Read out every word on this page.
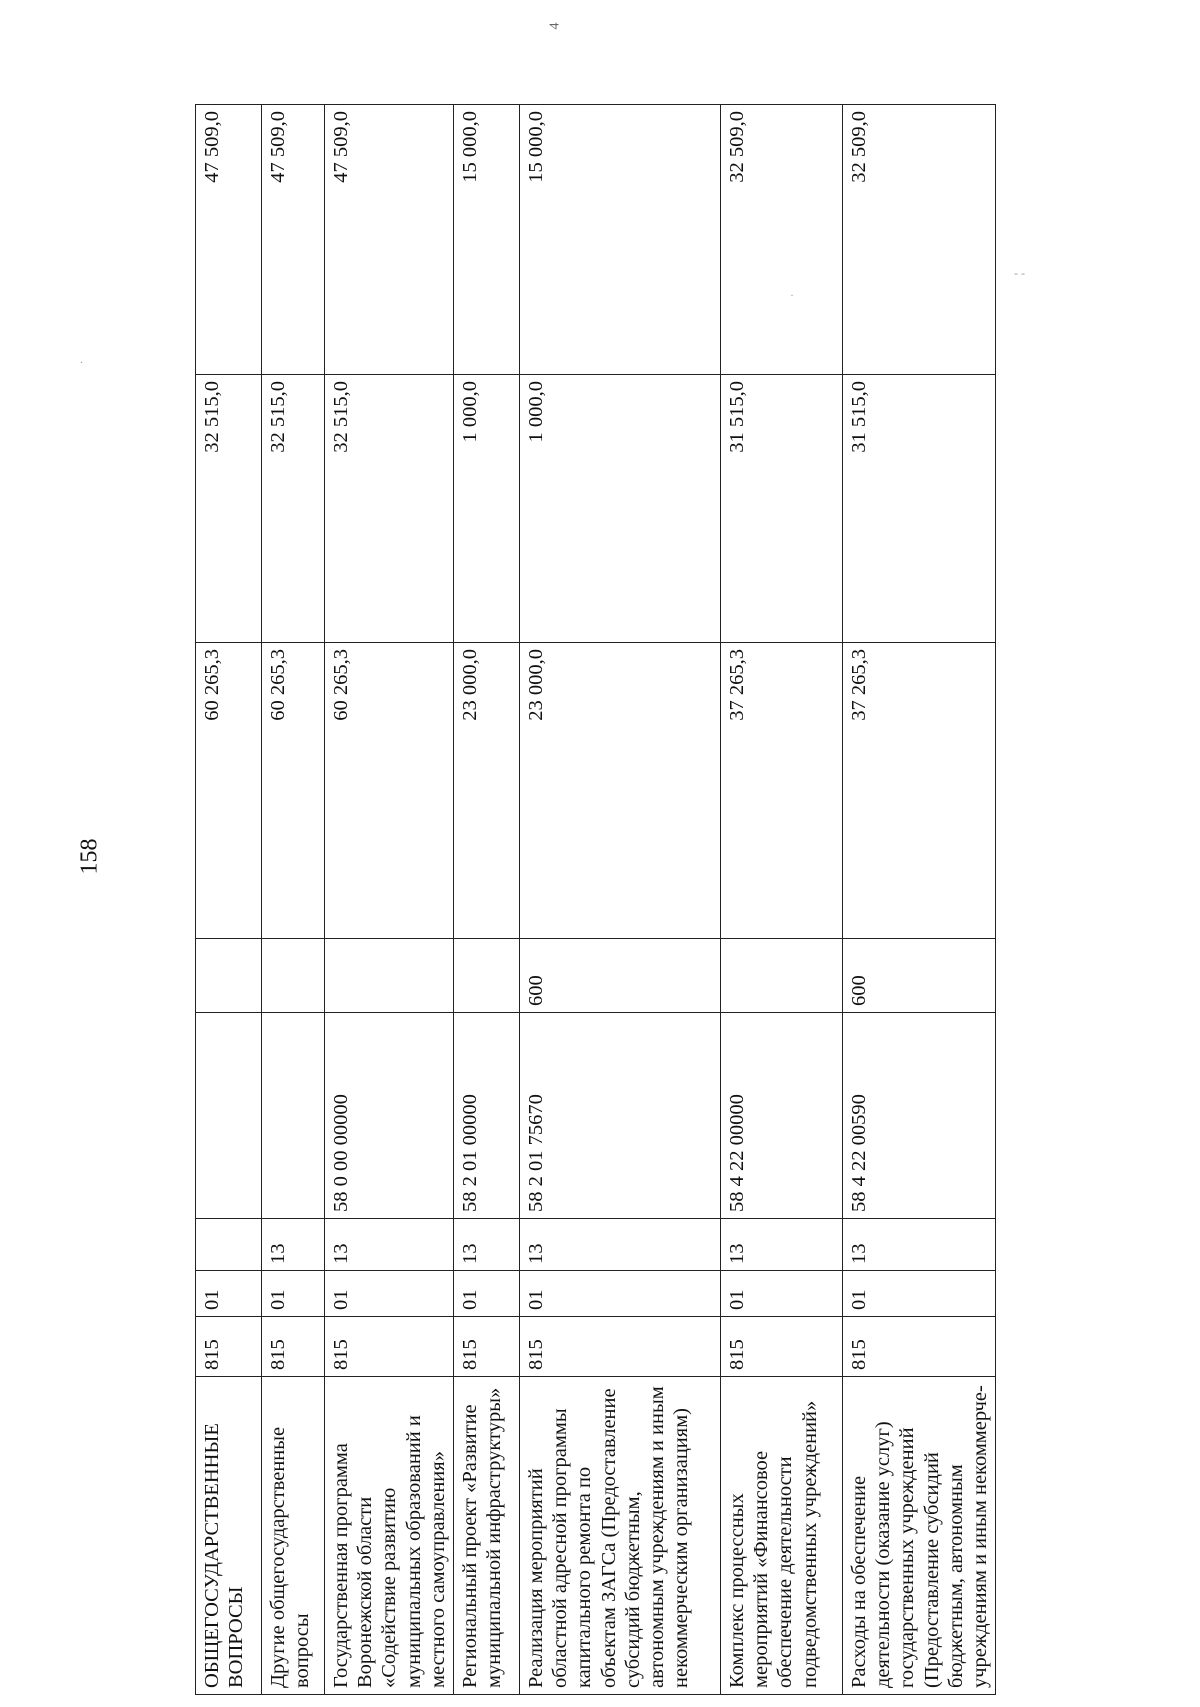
158
4
.
- -
·
ОБЩЕГОСУДАРСТВЕННЫЕ ВОПРОСЫ	815	01				60 265,3	32 515,0	47 509,0
Другие общегосударственные вопросы	815	01	13			60 265,3	32 515,0	47 509,0
Государственная программа Воронежской области «Содействие развитию муниципальных образований и местного самоуправления»	815	01	13	58 0 00 00000		60 265,3	32 515,0	47 509,0
Региональный проект «Развитие муниципальной инфраструктуры»	815	01	13	58 2 01 00000		23 000,0	1 000,0	15 000,0
Реализация мероприятий областной адресной программы капитального ремонта по объектам ЗАГСа (Предоставление субсидий бюджетным, автономным учреждениям и иным некоммерческим организациям)	815	01	13	58 2 01 75670	600	23 000,0	1 000,0	15 000,0
Комплекс процессных мероприятий «Финансовое обеспечение деятельности подведомственных учреждений»	815	01	13	58 4 22 00000		37 265,3	31 515,0	32 509,0
Расходы на обеспечение деятельности (оказание услуг) государственных учреждений (Предоставление субсидий бюджетным, автономным учреждениям и иным некоммерче-	815	01	13	58 4 22 00590	600	37 265,3	31 515,0	32 509,0
